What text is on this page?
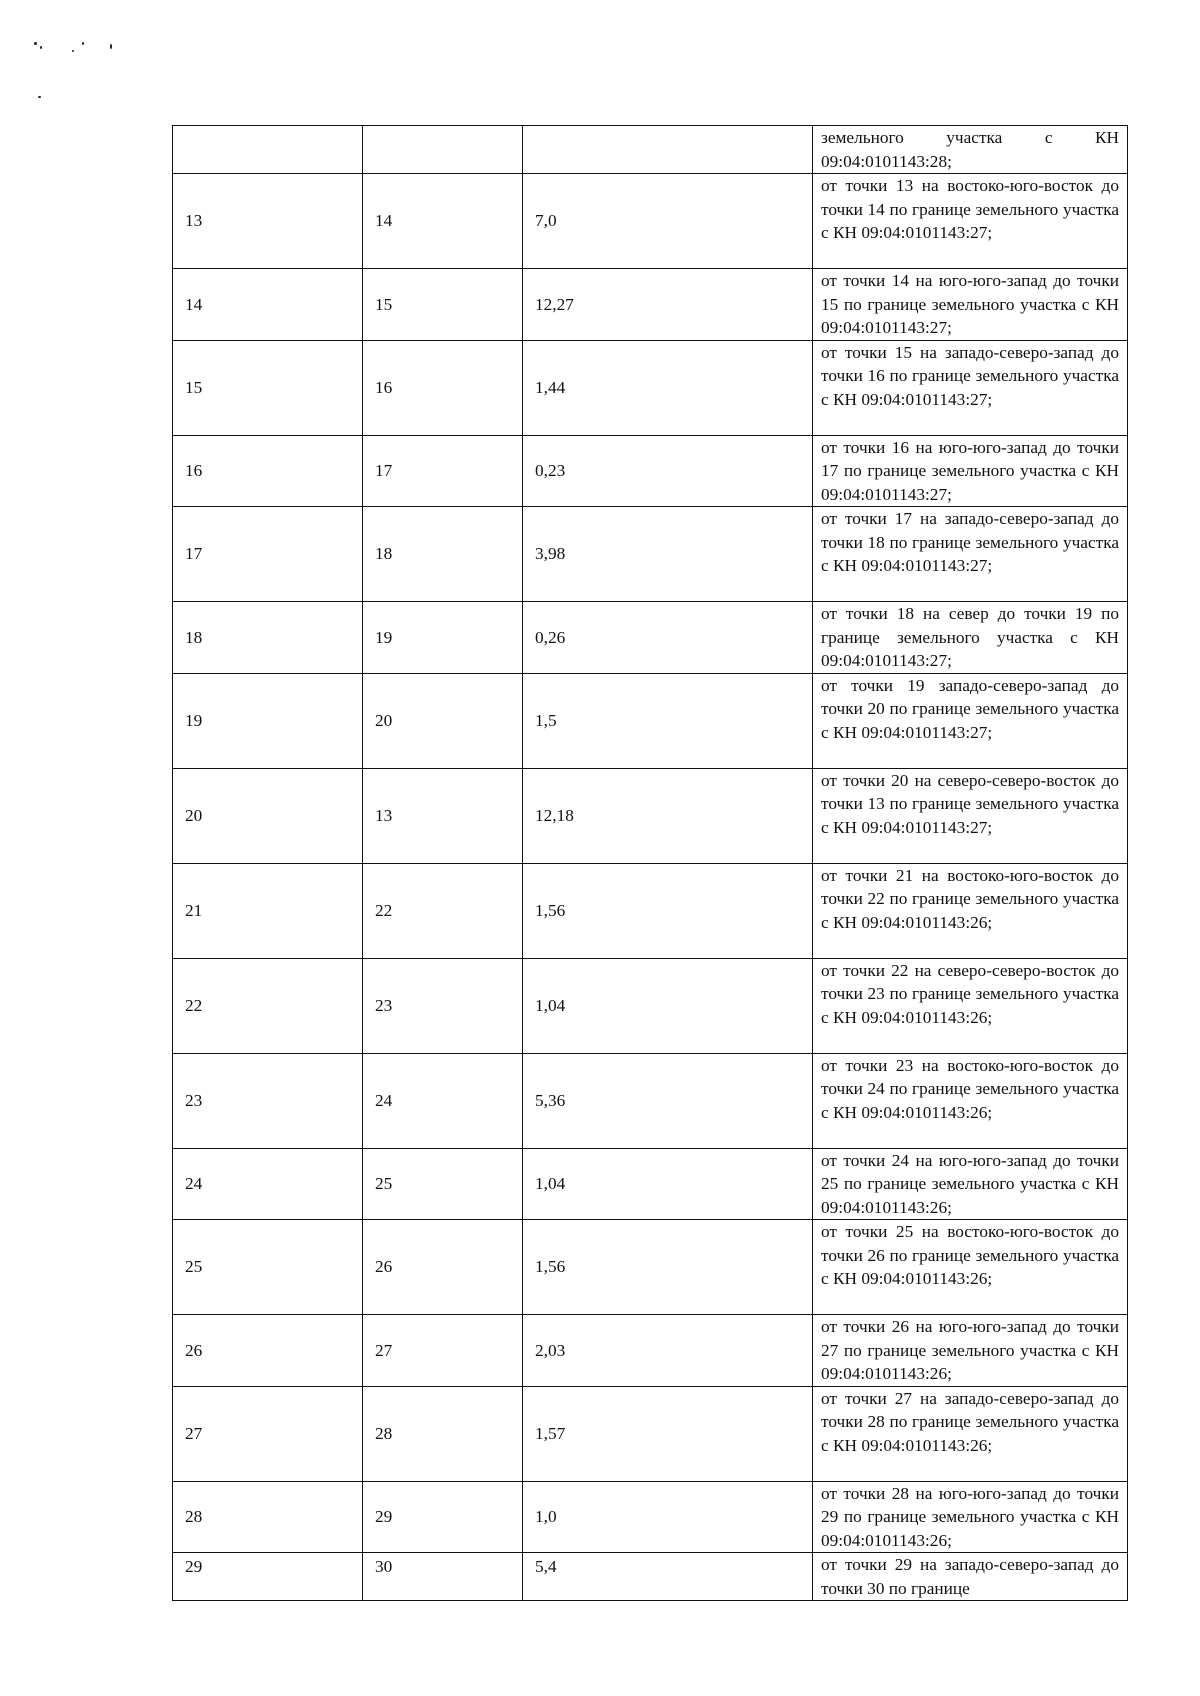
			земельного участка с КН 09:04:0101143:28;
13	14	7,0	от точки 13 на востоко-юго-восток до точки 14 по границе земельного участка с КН 09:04:0101143:27;
14	15	12,27	от точки 14 на юго-юго-запад до точки 15 по границе земельного участка с КН 09:04:0101143:27;
15	16	1,44	от точки 15 на западо-северо-запад до точки 16 по границе земельного участка с КН 09:04:0101143:27;
16	17	0,23	от точки 16 на юго-юго-запад до точки 17 по границе земельного участка с КН 09:04:0101143:27;
17	18	3,98	от точки 17 на западо-северо-запад до точки 18 по границе земельного участка с КН 09:04:0101143:27;
18	19	0,26	от точки 18 на север до точки 19 по границе земельного участка с КН 09:04:0101143:27;
19	20	1,5	от точки 19 западо-северо-запад до точки 20 по границе земельного участка с КН 09:04:0101143:27;
20	13	12,18	от точки 20 на северо-северо-восток до точки 13 по границе земельного участка с КН 09:04:0101143:27;
21	22	1,56	от точки 21 на востоко-юго-восток до точки 22 по границе земельного участка с КН 09:04:0101143:26;
22	23	1,04	от точки 22 на северо-северо-восток до точки 23 по границе земельного участка с КН 09:04:0101143:26;
23	24	5,36	от точки 23 на востоко-юго-восток до точки 24 по границе земельного участка с КН 09:04:0101143:26;
24	25	1,04	от точки 24 на юго-юго-запад до точки 25 по границе земельного участка с КН 09:04:0101143:26;
25	26	1,56	от точки 25 на востоко-юго-восток до точки 26 по границе земельного участка с КН 09:04:0101143:26;
26	27	2,03	от точки 26 на юго-юго-запад до точки 27 по границе земельного участка с КН 09:04:0101143:26;
27	28	1,57	от точки 27 на западо-северо-запад до точки 28 по границе земельного участка с КН 09:04:0101143:26;
28	29	1,0	от точки 28 на юго-юго-запад до точки 29 по границе земельного участка с КН 09:04:0101143:26;
29	30	5,4	от точки 29 на западо-северо-запад до точки 30 по границе
